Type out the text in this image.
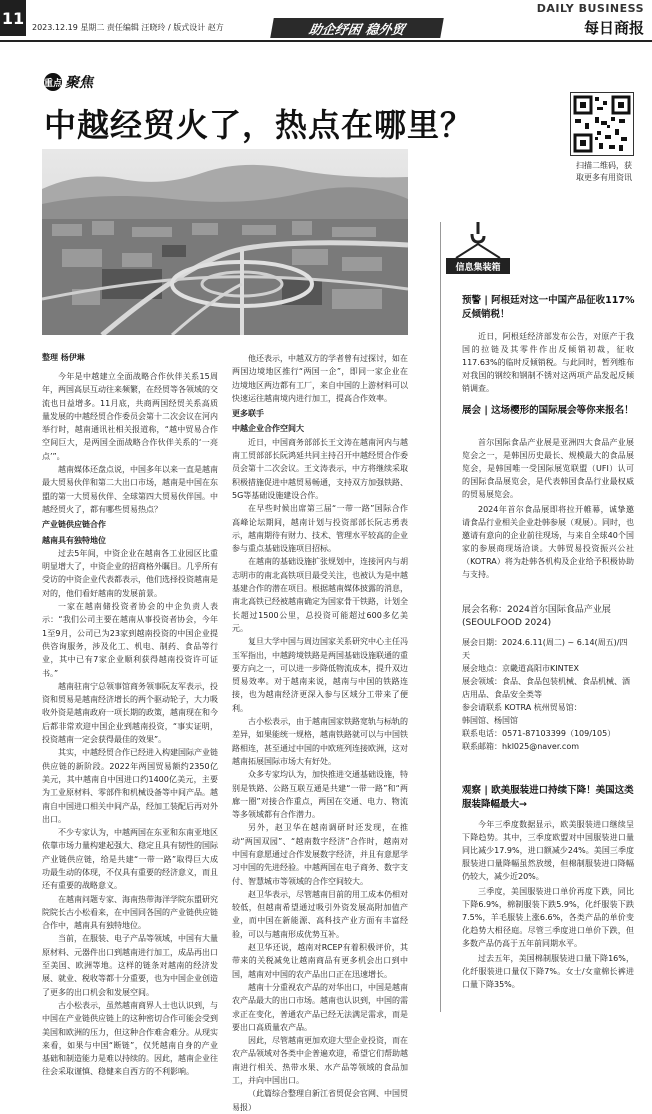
11 2023.12.19 星期二 责任编辑 汪晓玲 / 版式设计 赵方	助企纾困 稳外贸
DAILY BUSINESS
每日商报
重点 聚焦
中越经贸火了，热点在哪里？
扫描二维码，获取更多有用资讯
整理 杨伊琳

今年是中越建立全面战略合作伙伴关系15周年，两国高层互动往来频繁，在经贸等各领域的交流也日益增多。11月底，共商两国经贸关系高质量发展的中越经贸合作委员会第十二次会议在河内举行时，越南通讯社相关报道称，“越中贸易合作空间巨大，是两国全面战略合作伙伴关系的‘一亮点’”。

越南媒体还盘点说，中国多年以来一直是越南最大贸易伙伴和第二大出口市场，越南是中国在东盟的第一大贸易伙伴、全球第四大贸易伙伴国。中越经贸火了，都有哪些贸易热点？

产业链供应链合作

越南具有独特地位

过去5年间，中资企业在越南各工业园区比重明显增大了，中资企业的招商格外瞩目。几乎所有受访的中资企业代表都表示，他们选择投资越南是对的，他们看好越南的发展前景。

一家在越南储投资者协会的中企负责人表示：“我们公司主要在越南从事投资者协会，今年1至9月，公司已为23家到越南投资的中国企业提供咨询服务，涉及化工、机电、制药、食品等行业，其中已有7家企业顺利获得越南投资许可证书。”

越南驻南宁总领事馆商务领事阮友军表示，投资和贸易是越南经济增长的两个驱动轮子，大力吸收外资是越南政府一项长期的政策，越南现在和今后都非常欢迎中国企业到越南投资，“事实证明，投资越南一定会获得最佳的效果”。

其实，中越经贸合作已经进入构建国际产业链供应链的新阶段。2022年两国贸易额约2350亿美元，其中越南自中国进口约1400亿美元，主要为工业原材料、零部件和机械设备等中间产品。越南自中国进口相关中间产品，经加工装配后再对外出口。

不少专家认为，中越两国在东亚和东南亚地区依靠市场力量构建起强大、稳定且具有韧性的国际产业链供应链，给是共建“一带一路”取得巨大成功最生动的体现，不仅具有重要的经济意义，而且还有重要的战略意义。

在越南问题专家、海南热带海洋学院东盟研究院院长古小松看来，在中国同各国的产业链供应链合作中，越南具有独特地位。

当前，在服装、电子产品等领域，中国有大量原材料、元器件出口到越南进行加工，成品再出口至美国、欧洲等地。这样的链条对越南的经济发展、就业、税收等都十分重要，也为中国企业创造了更多的出口机会和发展空间。

古小松表示，虽然越南商界人士也认识到，与中国在产业链供应链上的这种密切合作可能会受到美国和欧洲的压力，但这种合作难舍难分。从现实来看，如果与中国“断链”，仅凭越南自身的产业基础和制造能力是难以持续的。因此，越南企业往往会采取谨慎、稳健来自西方的不利影响。

他还表示，中越双方的学者曾有过探讨，如在两国边境地区推行“两国一企”，即同一家企业在边境地区两边都有工厂，来自中国的上游材料可以快速运往越南境内进行加工，提高合作效率。

更多联手

中越企业合作空间大

近日，中国商务部部长王文涛在越南河内与越南工贸部部长阮鸿延共同主持召开中越经贸合作委员会第十二次会议。王文涛表示，中方将继续采取积极措施促进中越贸易畅通，支持双方加强铁路、5G等基础设施建设合作。

在早些时候出席第三届“一带一路”国际合作高峰论坛期间，越南计划与投资部部长阮志勇表示，越南期待有财力、技术、管理水平较高的企业参与重点基础设施项目招标。

在越南的基础设施扩张规划中，连接河内与胡志明市的南北高铁项目最受关注，也被认为是中越基建合作的潜在项目。根据越南媒体披露的消息，南北高铁已经被越南确定为国家骨干铁路，计划全长超过1500公里，总投资可能超过600多亿美元。

复旦大学中国与周边国家关系研究中心主任冯玉军指出，中越跨境铁路是两国基础设施联通的重要方向之一，可以进一步降低物流成本，提升双边贸易效率。对于越南来说，越南与中国的铁路连接，也为越南经济更深入参与区域分工带来了便利。

古小松表示，由于越南国家铁路宽轨与标轨的差异，如果能统一规格，越南铁路就可以与中国铁路相连，甚至通过中国的中欧班列连接欧洲，这对越南拓展国际市场大有好处。

众多专家均认为，加快推进交通基础设施，特别是铁路、公路互联互通是共建“一带一路”和“两廊一圈”对接合作重点，两国在交通、电力、物流等多领域都有合作潜力。

另外，赵卫华在越南调研时还发现，在推动“两国双园”、“越南数字经济”合作时，越南对中国有意愿通过合作发展数字经济，并且有意愿学习中国的先进经验。中越两国在电子商务、数字支付、智慧城市等领域的合作空间较大。

赵卫华表示，尽管越南目前的用工成本仍相对较低，但越南希望通过吸引外资发展高附加值产业，而中国在新能源、高科技产业方面有丰富经验，可以与越南形成优势互补。

赵卫华还说，越南对RCEP有着积极评价，其带来的关税减免让越南商品有更多机会出口到中国，越南对中国的农产品出口正在迅速增长。

越南十分重视农产品的对华出口，中国是越南农产品最大的出口市场。越南也认识到，中国的需求正在变化，普通农产品已经无法满足需求，而是要出口高质量农产品。

因此，尽管越南更加欢迎大型企业投资，而在农产品领域对各类中企普遍欢迎，希望它们帮助越南进行相关、热带水果、水产品等领域的食品加工，并向中国出口。

（此篇综合整理自新江省贸促会官网、中国贸易报）

信息集装箱
预警 | 阿根廷对这一中国产品征收117%反倾销税！

近日，阿根廷经济部发布公告，对原产于我国的拉链及其零件作出反倾销初裁，征收117.63%的临时反倾销税。与此同时，暂列维布对我国的钢绞和钢制不锈对这两项产品发起反倾销调查。

展会 | 这场樱形的国际展会等你来报名！

首尔国际食品产业展是亚洲四大食品产业展览会之一，是韩国历史最长、规模最大的食品展览会，是韩国唯一受国际展览联盟（UFI）认可的国际食品展览会，是代表韩国食品行业最权威的贸易展览会。

2024年首尔食品展即将拉开帷幕，诚挚邀请食品行业相关企业赴韩参展（观展）。同时，也邀请有意向的企业前往现场，与来自全球40个国家的参展商现场洽谈。大韩贸易投资振兴公社（KOTRA）将为赴韩各机构及企业给予积极协助与支持。

展会名称：2024首尔国际食品产业展
(SEOULFOOD 2024)
展会日期：2024.6.11(周二) ~ 6.14(周五)/四天
展会地点：京畿道高阳市KINTEX
展会领域：食品、食品包装机械、食品机械、酒店用品、食品安全类等
参会请联系 KOTRA 杭州贸易馆：
韩国馆、杨国馆
联系电话：0571-87103399（109/105）
联系邮箱：hkl025@naver.com
观察 | 欧美服装进口持续下降！美国这类服装降幅最大→

今年三季度数据显示，欧美服装进口继续呈下降趋势。其中，三季度欧盟对中国服装进口量同比减少17.9%，进口额减少24%。美国三季度服装进口量降幅虽然放缓，但棉制服装进口降幅仍较大，减少近20%。

三季度，美国服装进口单价再度下跌，同比下降6.9%，棉制服装下跌5.9%，化纤服装下跌7.5%，羊毛服装上涨6.6%，各类产品的单价变化趋势大相径庭。尽管三季度进口单价下跌，但多数产品仍高于五年前同期水平。

过去五年，美国棉制服装进口量下降16%，化纤服装进口量仅下降7%。女士/女童棉长裤进口量下降35%。
